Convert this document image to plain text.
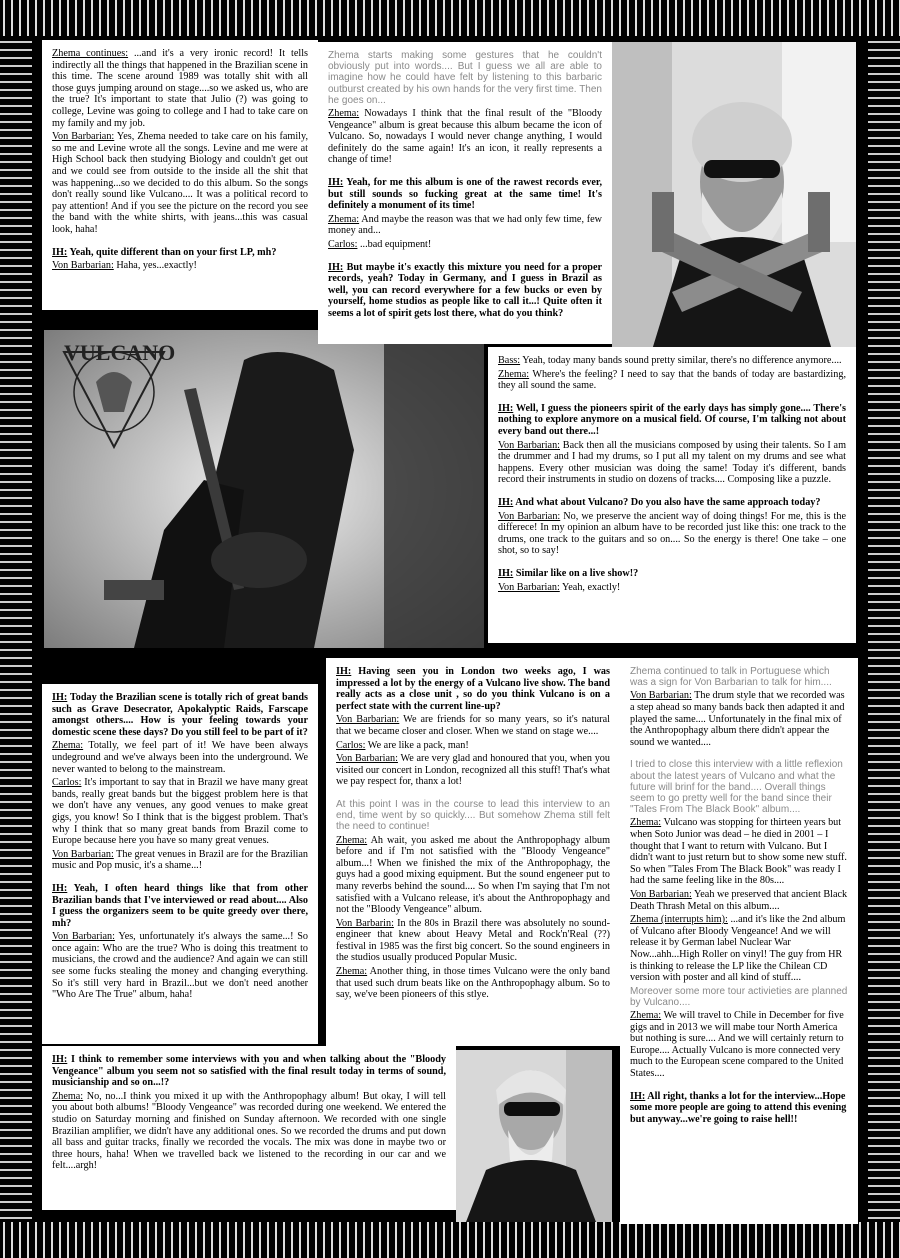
VULCANO

Zhema continues: ...and it's a very ironic record! It tells indirectly all the things that happened in the Brazilian scene in this time. The scene around 1989 was totally shit with all those guys jumping around on stage....so we asked us, who are the true? It's important to state that Julio (?) was going to college, Levine was going to college and I had to take care on my family and my job.

Von Barbarian: Yes, Zhema needed to take care on his family, so me and Levine wrote all the songs. Levine and me were at High School back then studying Biology and couldn't get out and we could see from outside to the inside all the shit that was happening...so we decided to do this album. So the songs don't really sound like Vulcano.... It was a political record to pay attention! And if you see the picture on the record you see the band with the white shirts, with jeans...this was casual look, haha!

IH: Yeah, quite different than on your first LP, mh?

Von Barbarian: Haha, yes...exactly!

Zhema starts making some gestures that he couldn't obviously put into words.... But I guess we all are able to imagine how he could have felt by listening to this barbaric outburst created by his own hands for the very first time. Then he goes on...

Zhema: Nowadays I think that the final result of the "Bloody Vengeance" album is great because this album became the icon of Vulcano. So, nowadays I would never change anything, I would definitely do the same again! It's an icon, it really represents a change of time!

IH: Yeah, for me this album is one of the rawest records ever, but still sounds so fucking great at the same time! It's definitely a monument of its time!

Zhema: And maybe the reason was that we had only few time, few money and...

Carlos: ...bad equipment!

IH: But maybe it's exactly this mixture you need for a proper records, yeah? Today in Germany, and I guess in Brazil as well, you can record everywhere for a few bucks or even by yourself, home studios as people like to call it...! Quite often it seems a lot of spirit gets lost there, what do you think?

Bass: Yeah, today many bands sound pretty similar, there's no difference anymore....

Zhema: Where's the feeling? I need to say that the bands of today are bastardizing, they all sound the same.

IH: Well, I guess the pioneers spirit of the early days has simply gone.... There's nothing to explore anymore on a musical field. Of course, I'm talking not about every band out there...!

Von Barbarian: Back then all the musicians composed by using their talents. So I am the drummer and I had my drums, so I put all my talent on my drums and see what happens. Every other musician was doing the same! Today it's different, bands record their instruments in studio on dozens of tracks.... Composing like a puzzle.

IH: And what about Vulcano? Do you also have the same approach today?

Von Barbarian: No, we preserve the ancient way of doing things! For me, this is the differece! In my opinion an album have to be recorded just like this: one track to the drums, one track to the guitars and so on.... So the energy is there! One take – one shot, so to say!

IH: Similar like on a live show!?

Von Barbarian: Yeah, exactly!

IH: Today the Brazilian scene is totally rich of great bands such as Grave Desecrator, Apokalyptic Raids, Farscape amongst others.... How is your feeling towards your domestic scene these days? Do you still feel to be part of it?

Zhema: Totally, we feel part of it! We have been always undeground and we've always been into the underground. We never wanted to belong to the mainstream.

Carlos: It's important to say that in Brazil we have many great bands, really great bands but the biggest problem here is that we don't have any venues, any good venues to make great gigs, you know! So I think that is the biggest problem. That's why I think that so many great bands from Brazil come to Europe because here you have so many great venues.

Von Barbarian: The great venues in Brazil are for the Brazilian music and Pop music, it's a shame...!

IH: Yeah, I often heard things like that from other Brazilian bands that I've interviewed or read about.... Also I guess the organizers seem to be quite greedy over there, mh?

Von Barbarian: Yes, unfortunately it's always the same...! So once again: Who are the true? Who is doing this treatment to musicians, the crowd and the audience? And again we can still see some fucks stealing the money and changing everything. So it's still very hard in Brazil...but we don't need another "Who Are The True" album, haha!

IH: Having seen you in London two weeks ago, I was impressed a lot by the energy of a Vulcano live show. The band really acts as a close unit , so do you think Vulcano is on a perfect state with the current line-up?

Von Barbarian: We are friends for so many years, so it's natural that we became closer and closer. When we stand on stage we....

Carlos: We are like a pack, man!

Von Barbarian: We are very glad and honoured that you, when you visited our concert in London, recognized all this stuff! That's what we pay respect for, thanx a lot!

At this point I was in the course to lead this interview to an end, time went by so quickly.... But somehow Zhema still felt the need to continue!

Zhema: Ah wait, you asked me about the Anthropophagy album before and if I'm not satisfied with the "Bloody Vengeance" album...! When we finished the mix of the Anthropophagy, the guys had a good mixing equipment. But the sound engeneer put to many reverbs behind the sound.... So when I'm saying that I'm not satisfied with a Vulcano release, it's about the Anthropophagy and not the "Bloody Vengeance" album.

Von Barbarin: In the 80s in Brazil there was absolutely no sound-engineer that knew about Heavy Metal and Rock'n'Real (??) festival in 1985 was the first big concert. So the sound engineers in the studios usually produced Popular Music.

Zhema: Another thing, in those times Vulcano were the only band that used such drum beats like on the Anthropophagy album. So to say, we've been pioneers of this stlye.

Zhema continued to talk in Portuguese which was a sign for Von Barbarian to talk for him....

Von Barbarian: The drum style that we recorded was a step ahead so many bands back then adapted it and played the same.... Unfortunately in the final mix of the Anthropophagy album there didn't appear the sound we wanted....

I tried to close this interview with a little reflexion about the latest years of Vulcano and what the future will brinf for the band.... Overall things seem to go pretty well for the band since their "Tales From The Black Book" album....

Zhema: Vulcano was stopping for thirteen years but when Soto Junior was dead – he died in 2001 – I thought that I want to return with Vulcano. But I didn't want to just return but to show some new stuff. So when "Tales From The Black Book" was ready I had the same feeling like in the 80s....

Von Barbarian: Yeah we preserved that ancient Black Death Thrash Metal on this album....

Zhema (interrupts him): ...and it's like the 2nd album of Vulcano after Bloody Vengeance! And we will release it by German label Nuclear War Now...ahh...High Roller on vinyl! The guy from HR is thinking to release the LP like the Chilean CD version with poster and all kind of stuff....

Moreover some more tour activieties are planned by Vulcano....

Zhema: We will travel to Chile in December for five gigs and in 2013 we will mabe tour North America but nothing is sure.... And we will certainly return to Europe.... Actually Vulcano is more connected very much to the European scene compared to the United States....

IH: All right, thanks a lot for the interview...Hope some more people are going to attend this evening but anyway...we're going to raise hell!!

IH: I think to remember some interviews with you and when talking about the "Bloody Vengeance" album you seem not so satisfied with the final result today in terms of sound, musicianship and so on...!?

Zhema: No, no...I think you mixed it up with the Anthropophagy album! But okay, I will tell you about both albums! "Bloody Vengeance" was recorded during one weekend. We entered the studio on Saturday morning and finished on Sunday afternoon. We recorded with one single Brazilian amplifier, we didn't have any additional ones. So we recorded the drums and put down all bass and guitar tracks, finally we recorded the vocals. The mix was done in maybe two or three hours, haha! When we travelled back we listened to the recording in our car and we felt....argh!
